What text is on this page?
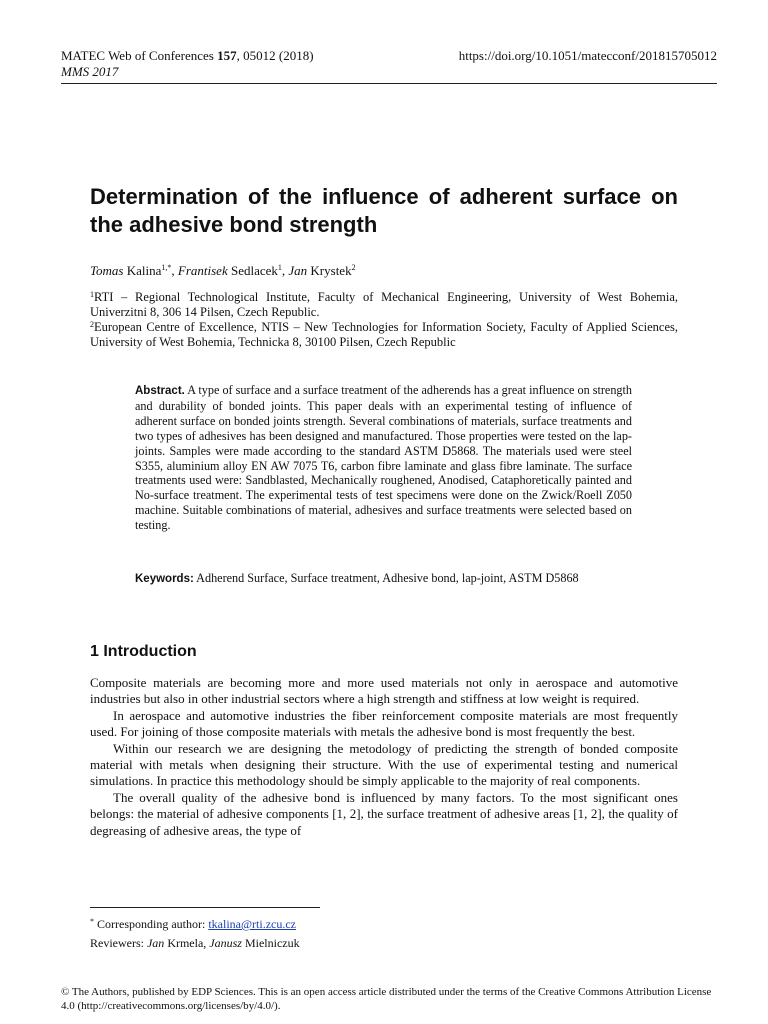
MATEC Web of Conferences 157, 05012 (2018)
MMS 2017
https://doi.org/10.1051/matecconf/201815705012
Determination of the influence of adherent surface on the adhesive bond strength
Tomas Kalina$^{1,*}$, Frantisek Sedlacek$^1$, Jan Krystek$^2$
$^1$RTI – Regional Technological Institute, Faculty of Mechanical Engineering, University of West Bohemia, Univerzitni 8, 306 14 Pilsen, Czech Republic.
$^2$European Centre of Excellence, NTIS – New Technologies for Information Society, Faculty of Applied Sciences, University of West Bohemia, Technicka 8, 30100 Pilsen, Czech Republic
Abstract. A type of surface and a surface treatment of the adherends has a great influence on strength and durability of bonded joints. This paper deals with an experimental testing of influence of adherent surface on bonded joints strength. Several combinations of materials, surface treatments and two types of adhesives has been designed and manufactured. Those properties were tested on the lap-joints. Samples were made according to the standard ASTM D5868. The materials used were steel S355, aluminium alloy EN AW 7075 T6, carbon fibre laminate and glass fibre laminate. The surface treatments used were: Sandblasted, Mechanically roughened, Anodised, Cataphoretically painted and No-surface treatment. The experimental tests of test specimens were done on the Zwick/Roell Z050 machine. Suitable combinations of material, adhesives and surface treatments were selected based on testing.
Keywords: Adherend Surface, Surface treatment, Adhesive bond, lap-joint, ASTM D5868
1 Introduction

Composite materials are becoming more and more used materials not only in aerospace and automotive industries but also in other industrial sectors where a high strength and stiffness at low weight is required.

In aerospace and automotive industries the fiber reinforcement composite materials are most frequently used. For joining of those composite materials with metals the adhesive bond is most frequently the best.

Within our research we are designing the metodology of predicting the strength of bonded composite material with metals when designing their structure. With the use of experimental testing and numerical simulations. In practice this methodology should be simply applicable to the majority of real components.

The overall quality of the adhesive bond is influenced by many factors. To the most significant ones belongs: the material of adhesive components [1, 2], the surface treatment of adhesive areas [1, 2], the quality of degreasing of adhesive areas, the type of

* Corresponding author: tkalina@rti.zcu.cz
Reviewers: Jan Krmela, Janusz Mielniczuk
© The Authors, published by EDP Sciences. This is an open access article distributed under the terms of the Creative Commons Attribution License 4.0 (http://creativecommons.org/licenses/by/4.0/).
